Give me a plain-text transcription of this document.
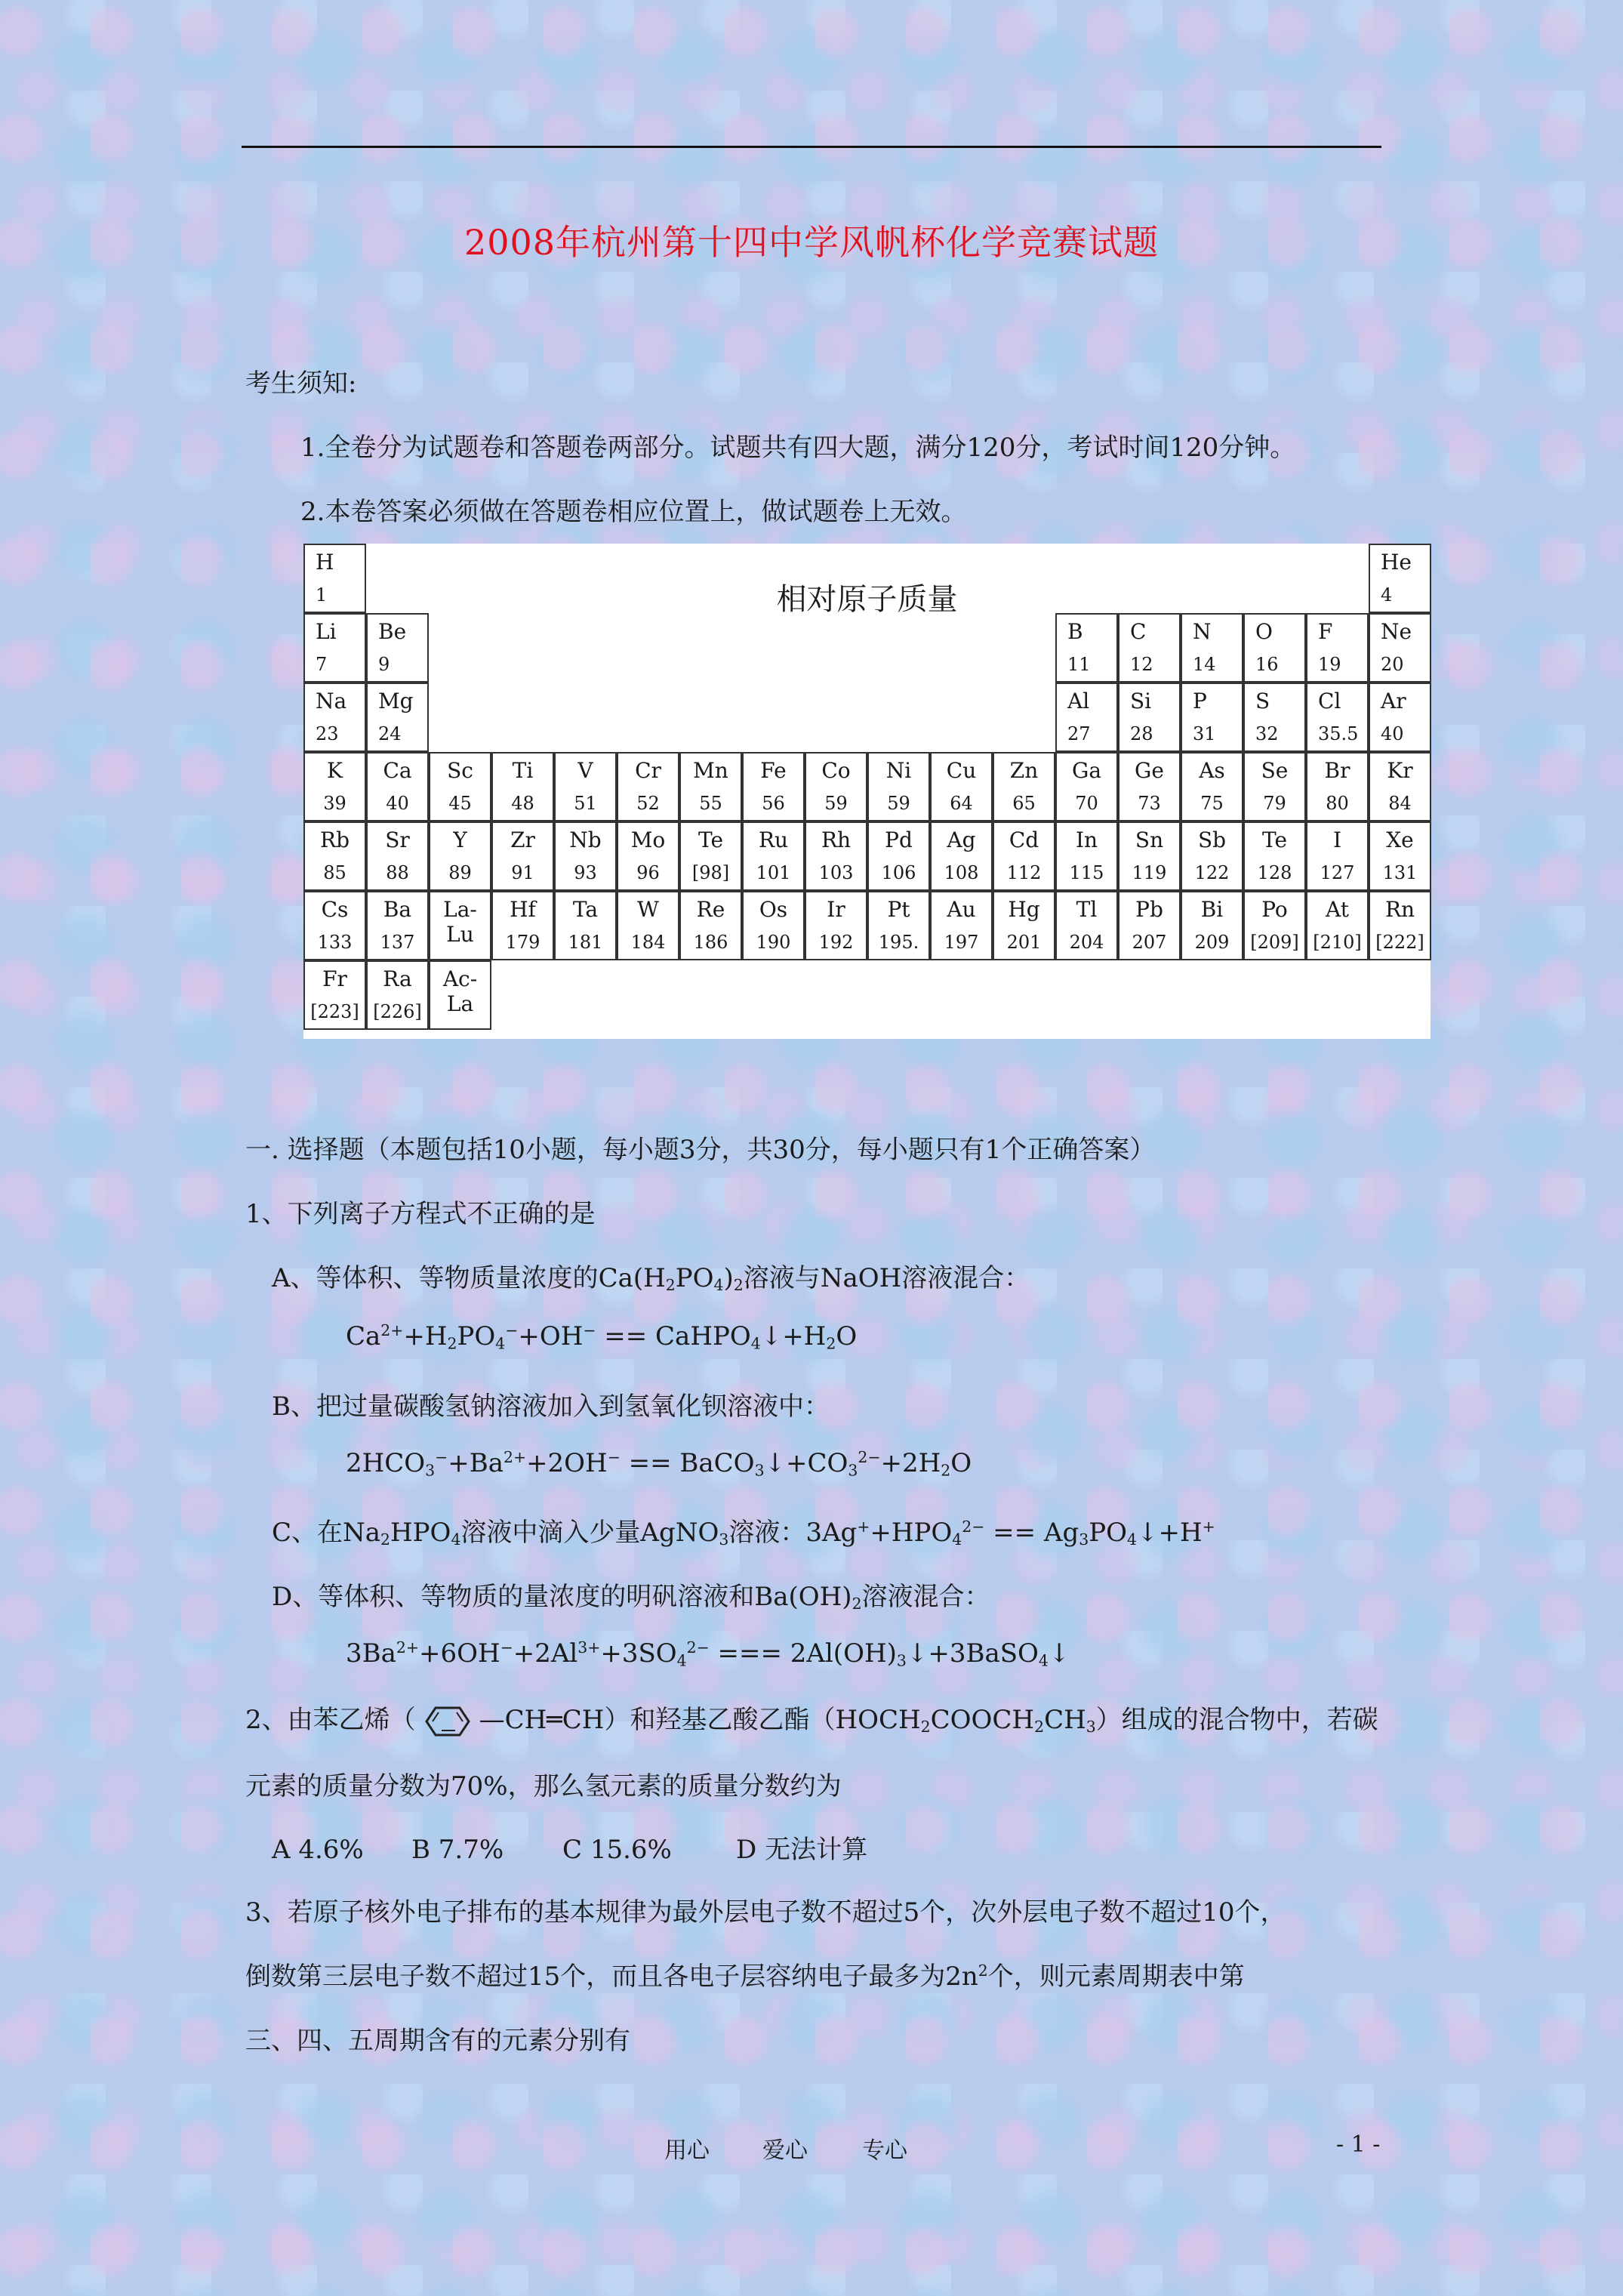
2008年杭州第十四中学风帆杯化学竞赛试题
考生须知:
1.全卷分为试题卷和答题卷两部分。试题共有四大题，满分120分，考试时间120分钟。
2.本卷答案必须做在答题卷相应位置上，做试题卷上无效。
相对原子质量
H
1
He
4
Li
7
Be
9
B
11
C
12
N
14
O
16
F
19
Ne
20
Na
23
Mg
24
Al
27
Si
28
P
31
S
32
Cl
35.5
Ar
40
K
39
Ca
40
Sc
45
Ti
48
V
51
Cr
52
Mn
55
Fe
56
Co
59
Ni
59
Cu
64
Zn
65
Ga
70
Ge
73
As
75
Se
79
Br
80
Kr
84
Rb
85
Sr
88
Y
89
Zr
91
Nb
93
Mo
96
Te
[98]
Ru
101
Rh
103
Pd
106
Ag
108
Cd
112
In
115
Sn
119
Sb
122
Te
128
I
127
Xe
131
Cs
133
Ba
137
La-Lu
Hf
179
Ta
181
W
184
Re
186
Os
190
Ir
192
Pt
195.
Au
197
Hg
201
Tl
204
Pb
207
Bi
209
Po
[209]
At
[210]
Rn
[222]
Fr
[223]
Ra
[226]
Ac-La
一. 选择题（本题包括10小题，每小题3分，共30分，每小题只有1个正确答案）
1、下列离子方程式不正确的是
A、等体积、等物质量浓度的$Ca(H_2PO_4)_2$溶液与NaOH溶液混合：
$Ca^{2+}+H_2PO_4^-+OH^-$ == $CaHPO_4↓+H_2O$
B、把过量碳酸氢钠溶液加入到氢氧化钡溶液中：
$2HCO_3^-+Ba^{2+}+2OH^-$ == $BaCO_3↓+CO_3^{2-}+2H_2O$
C、在$Na_2HPO_4$溶液中滴入少量AgNO$_3$溶液：$3Ag^++HPO_4^{2-}$ == $Ag_3PO_4↓+H^+$
D、等体积、等物质的量浓度的明矾溶液和$Ba(OH)_2$溶液混合：
$3Ba^{2+}+6OH^-+2Al^{3+}+3SO_4^{2-}$ === $2Al(OH)_3↓+3BaSO_4↓$
2、由苯乙烯（ —CH═CH）和羟基乙酸乙酯$(HOCH_2COOCH_2CH_3)$组成的混合物中，若碳
元素的质量分数为70%，那么氢元素的质量分数约为
A 4.6% B 7.7% C 15.6%	D 无法计算
3、若原子核外电子排布的基本规律为最外层电子数不超过5个，次外层电子数不超过10个，
倒数第三层电子数不超过15个，而且各电子层容纳电子最多为$2n^2$个，则元素周期表中第
三、四、五周期含有的元素分别有
用心 爱心 专心	- 1 -
